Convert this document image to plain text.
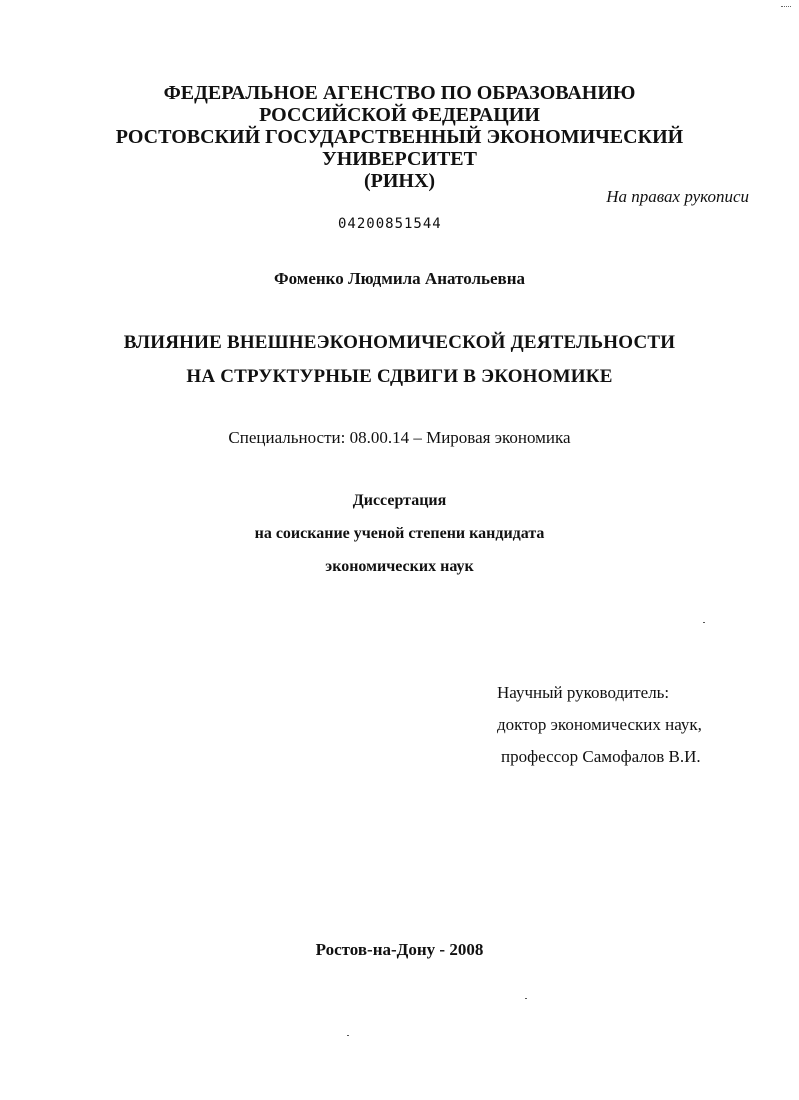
ФЕДЕРАЛЬНОЕ АГЕНСТВО ПО ОБРАЗОВАНИЮ
РОССИЙСКОЙ ФЕДЕРАЦИИ
РОСТОВСКИЙ ГОСУДАРСТВЕННЫЙ ЭКОНОМИЧЕСКИЙ
УНИВЕРСИТЕТ
(РИНХ)
На правах рукописи
04200851544
Фоменко Людмила Анатольевна
ВЛИЯНИЕ ВНЕШНЕЭКОНОМИЧЕСКОЙ ДЕЯТЕЛЬНОСТИ
НА СТРУКТУРНЫЕ СДВИГИ В ЭКОНОМИКЕ
Специальности: 08.00.14 – Мировая экономика
Диссертация
на соискание ученой степени кандидата
экономических наук
Научный руководитель:
доктор экономических наук,
профессор Самофалов В.И.
Ростов-на-Дону - 2008
